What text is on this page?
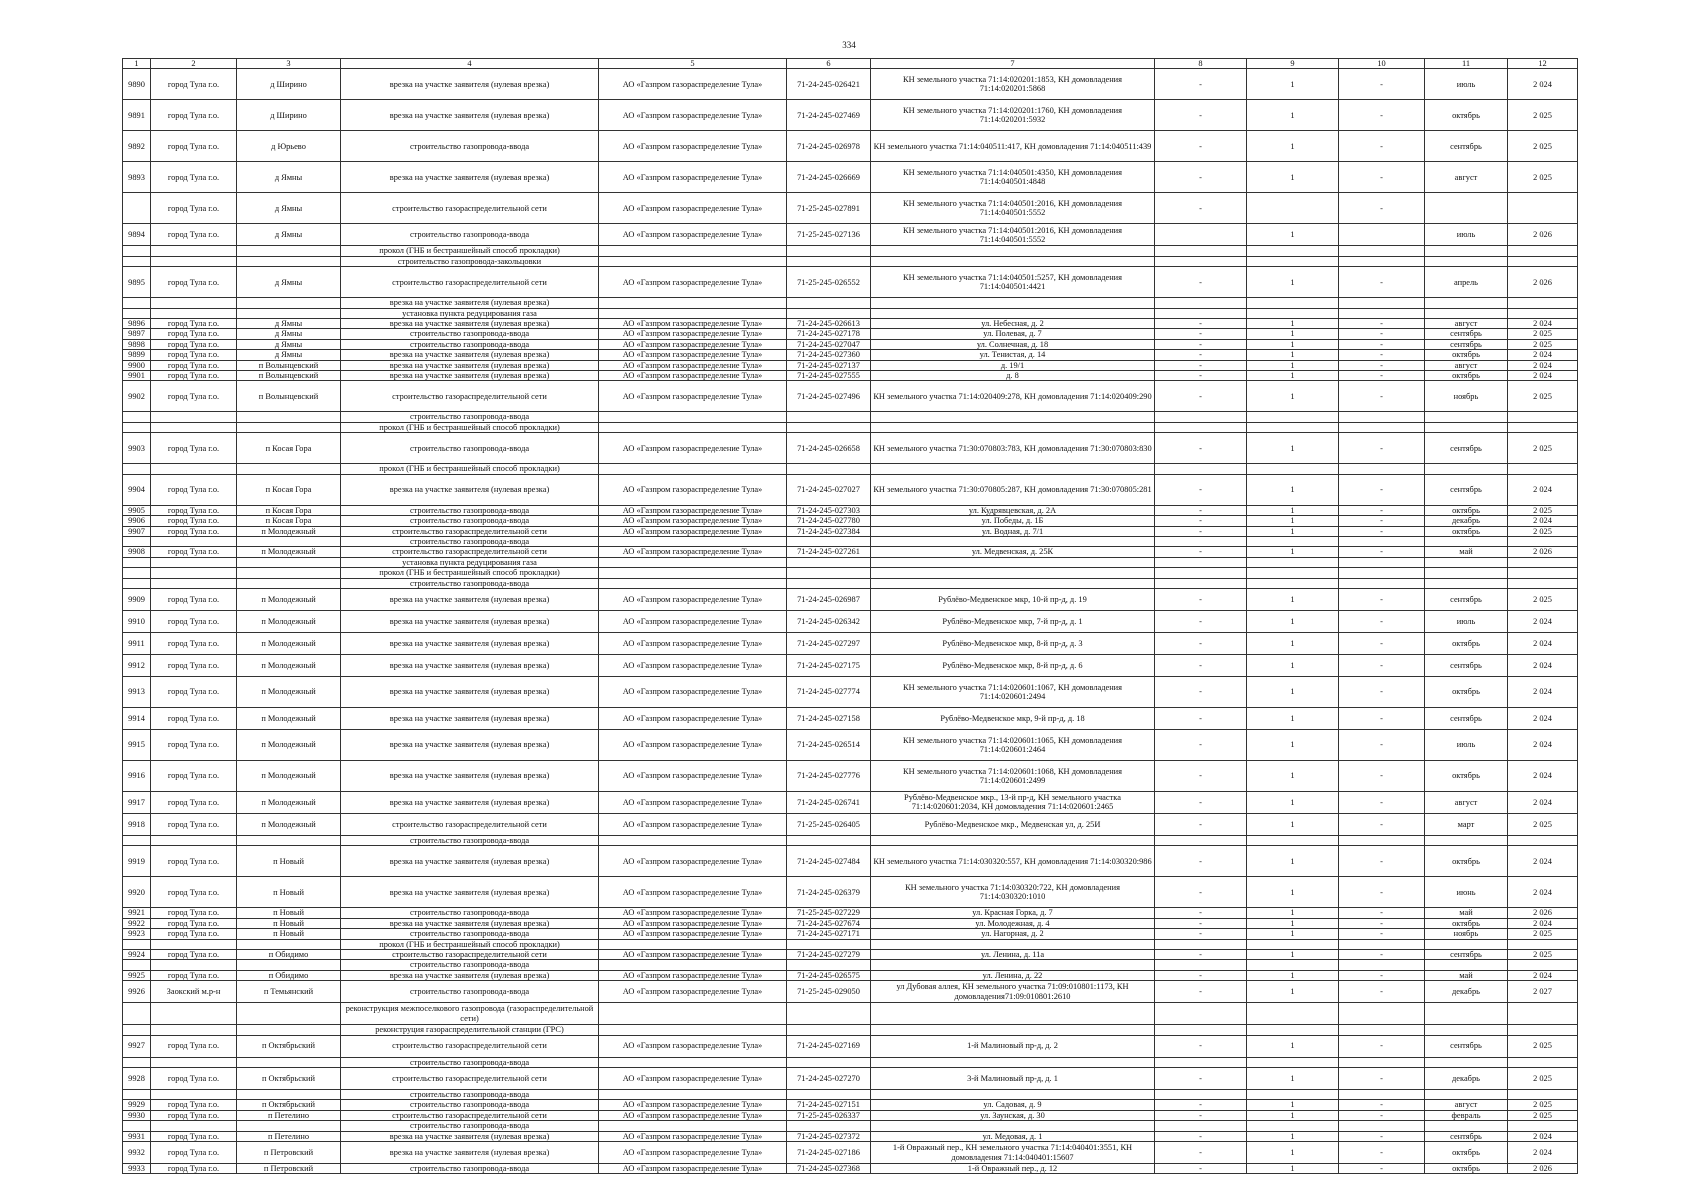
334
1	2	3	4	5	6	7	8	9	10	11	12
9890	город Тула г.о.	д Ширино	врезка на участке заявителя (нулевая врезка)	АО «Газпром газораспределение Тула»	71-24-245-026421	КН земельного участка 71:14:020201:1853, КН домовладения 71:14:020201:5868	-	1	-	июль	2 024
9891	город Тула г.о.	д Ширино	врезка на участке заявителя (нулевая врезка)	АО «Газпром газораспределение Тула»	71-24-245-027469	КН земельного участка 71:14:020201:1760, КН домовладения 71:14:020201:5932	-	1	-	октябрь	2 025
9892	город Тула г.о.	д Юрьево	строительство газопровода-ввода	АО «Газпром газораспределение Тула»	71-24-245-026978	КН земельного участка 71:14:040511:417, КН домовладения 71:14:040511:439	-	1	-	сентябрь	2 025
9893	город Тула г.о.	д Ямны	врезка на участке заявителя (нулевая врезка)	АО «Газпром газораспределение Тула»	71-24-245-026669	КН земельного участка 71:14:040501:4350, КН домовладения 71:14:040501:4848	-	1	-	август	2 025
	город Тула г.о.	д Ямны	строительство газораспределительной сети	АО «Газпром газораспределение Тула»	71-25-245-027891	КН земельного участка 71:14:040501:2016, КН домовладения 71:14:040501:5552	-		-		
9894	город Тула г.о.	д Ямны	строительство газопровода-ввода	АО «Газпром газораспределение Тула»	71-25-245-027136	КН земельного участка 71:14:040501:2016, КН домовладения 71:14:040501:5552		1		июль	2 026
			прокол (ГНБ и бестраншейный способ прокладки)								
			строительство газопровода-закольцовки								
9895	город Тула г.о.	д Ямны	строительство газораспределительной сети	АО «Газпром газораспределение Тула»	71-25-245-026552	КН земельного участка 71:14:040501:5257, КН домовладения 71:14:040501:4421	-	1	-	апрель	2 026
			врезка на участке заявителя (нулевая врезка)								
			установка пункта редуцирования газа								
9896	город Тула г.о.	д Ямны	врезка на участке заявителя (нулевая врезка)	АО «Газпром газораспределение Тула»	71-24-245-026613	ул. Небесная, д. 2	-	1	-	август	2 024
9897	город Тула г.о.	д Ямны	строительство газопровода-ввода	АО «Газпром газораспределение Тула»	71-24-245-027178	ул. Полевая, д. 7	-	1	-	сентябрь	2 025
9898	город Тула г.о.	д Ямны	строительство газопровода-ввода	АО «Газпром газораспределение Тула»	71-24-245-027047	ул. Солнечная, д. 18	-	1	-	сентябрь	2 025
9899	город Тула г.о.	д Ямны	врезка на участке заявителя (нулевая врезка)	АО «Газпром газораспределение Тула»	71-24-245-027360	ул. Тенистая, д. 14	-	1	-	октябрь	2 024
9900	город Тула г.о.	п Волынцевский	врезка на участке заявителя (нулевая врезка)	АО «Газпром газораспределение Тула»	71-24-245-027137	д. 19/1	-	1	-	август	2 024
9901	город Тула г.о.	п Волынцевский	врезка на участке заявителя (нулевая врезка)	АО «Газпром газораспределение Тула»	71-24-245-027555	д. 8	-	1	-	октябрь	2 024
9902	город Тула г.о.	п Волынцевский	строительство газораспределительной сети	АО «Газпром газораспределение Тула»	71-24-245-027496	КН земельного участка 71:14:020409:278, КН домовладения 71:14:020409:290	-	1	-	ноябрь	2 025
			строительство газопровода-ввода								
			прокол (ГНБ и бестраншейный способ прокладки)								
9903	город Тула г.о.	п Косая Гора	строительство газопровода-ввода	АО «Газпром газораспределение Тула»	71-24-245-026658	КН земельного участка 71:30:070803:783, КН домовладения 71:30:070803:830	-	1	-	сентябрь	2 025
			прокол (ГНБ и бестраншейный способ прокладки)								
9904	город Тула г.о.	п Косая Гора	врезка на участке заявителя (нулевая врезка)	АО «Газпром газораспределение Тула»	71-24-245-027027	КН земельного участка 71:30:070805:287, КН домовладения 71:30:070805:281	-	1	-	сентябрь	2 024
9905	город Тула г.о.	п Косая Гора	строительство газопровода-ввода	АО «Газпром газораспределение Тула»	71-24-245-027303	ул. Кудрявцевская, д. 2А	-	1	-	октябрь	2 025
9906	город Тула г.о.	п Косая Гора	строительство газопровода-ввода	АО «Газпром газораспределение Тула»	71-24-245-027780	ул. Победы, д. 1Б	-	1	-	декабрь	2 024
9907	город Тула г.о.	п Молодежный	строительство газораспределительной сети	АО «Газпром газораспределение Тула»	71-24-245-027384	ул. Водная, д. 7/1	-	1	-	октябрь	2 025
			строительство газопровода-ввода								
9908	город Тула г.о.	п Молодежный	строительство газораспределительной сети	АО «Газпром газораспределение Тула»	71-24-245-027261	ул. Медвенская, д. 25К	-	1	-	май	2 026
			установка пункта редуцирования газа								
			прокол (ГНБ и бестраншейный способ прокладки)								
			строительство газопровода-ввода								
9909	город Тула г.о.	п Молодежный	врезка на участке заявителя (нулевая врезка)	АО «Газпром газораспределение Тула»	71-24-245-026987	Рублёво-Медвенское мкр, 10-й пр-д, д. 19	-	1	-	сентябрь	2 025
9910	город Тула г.о.	п Молодежный	врезка на участке заявителя (нулевая врезка)	АО «Газпром газораспределение Тула»	71-24-245-026342	Рублёво-Медвенское мкр, 7-й пр-д, д. 1	-	1	-	июль	2 024
9911	город Тула г.о.	п Молодежный	врезка на участке заявителя (нулевая врезка)	АО «Газпром газораспределение Тула»	71-24-245-027297	Рублёво-Медвенское мкр, 8-й пр-д, д. 3	-	1	-	октябрь	2 024
9912	город Тула г.о.	п Молодежный	врезка на участке заявителя (нулевая врезка)	АО «Газпром газораспределение Тула»	71-24-245-027175	Рублёво-Медвенское мкр, 8-й пр-д, д. 6	-	1	-	сентябрь	2 024
9913	город Тула г.о.	п Молодежный	врезка на участке заявителя (нулевая врезка)	АО «Газпром газораспределение Тула»	71-24-245-027774	КН земельного участка 71:14:020601:1067, КН домовладения 71:14:020601:2494	-	1	-	октябрь	2 024
9914	город Тула г.о.	п Молодежный	врезка на участке заявителя (нулевая врезка)	АО «Газпром газораспределение Тула»	71-24-245-027158	Рублёво-Медвенское мкр, 9-й пр-д, д. 18	-	1	-	сентябрь	2 024
9915	город Тула г.о.	п Молодежный	врезка на участке заявителя (нулевая врезка)	АО «Газпром газораспределение Тула»	71-24-245-026514	КН земельного участка 71:14:020601:1065, КН домовладения 71:14:020601:2464	-	1	-	июль	2 024
9916	город Тула г.о.	п Молодежный	врезка на участке заявителя (нулевая врезка)	АО «Газпром газораспределение Тула»	71-24-245-027776	КН земельного участка 71:14:020601:1068, КН домовладения 71:14:020601:2499	-	1	-	октябрь	2 024
9917	город Тула г.о.	п Молодежный	врезка на участке заявителя (нулевая врезка)	АО «Газпром газораспределение Тула»	71-24-245-026741	Рублёво-Медвенское мкр., 13-й пр-д, КН земельного участка 71:14:020601:2034, КН домовладения 71:14:020601:2465	-	1	-	август	2 024
9918	город Тула г.о.	п Молодежный	строительство газораспределительной сети	АО «Газпром газораспределение Тула»	71-25-245-026405	Рублёво-Медвенское мкр., Медвенская ул, д. 25И	-	1	-	март	2 025
			строительство газопровода-ввода								
9919	город Тула г.о.	п Новый	врезка на участке заявителя (нулевая врезка)	АО «Газпром газораспределение Тула»	71-24-245-027484	КН земельного участка 71:14:030320:557, КН домовладения 71:14:030320:986	-	1	-	октябрь	2 024
9920	город Тула г.о.	п Новый	врезка на участке заявителя (нулевая врезка)	АО «Газпром газораспределение Тула»	71-24-245-026379	КН земельного участка 71:14:030320:722, КН домовладения 71:14:030320:1010	-	1	-	июнь	2 024
9921	город Тула г.о.	п Новый	строительство газопровода-ввода	АО «Газпром газораспределение Тула»	71-25-245-027229	ул. Красная Горка, д. 7	-	1	-	май	2 026
9922	город Тула г.о.	п Новый	врезка на участке заявителя (нулевая врезка)	АО «Газпром газораспределение Тула»	71-24-245-027674	ул. Молодежная, д. 4	-	1	-	октябрь	2 024
9923	город Тула г.о.	п Новый	строительство газопровода-ввода	АО «Газпром газораспределение Тула»	71-24-245-027171	ул. Нагорная, д. 2	-	1	-	ноябрь	2 025
			прокол (ГНБ и бестраншейный способ прокладки)								
9924	город Тула г.о.	п Обидимо	строительство газораспределительной сети	АО «Газпром газораспределение Тула»	71-24-245-027279	ул. Ленина, д. 11а	-	1	-	сентябрь	2 025
			строительство газопровода-ввода								
9925	город Тула г.о.	п Обидимо	врезка на участке заявителя (нулевая врезка)	АО «Газпром газораспределение Тула»	71-24-245-026575	ул. Ленина, д. 22	-	1	-	май	2 024
9926	Заокский м.р-н	п Темьянский	строительство газопровода-ввода	АО «Газпром газораспределение Тула»	71-25-245-029050	ул Дубовая аллея, КН земельного участка 71:09:010801:1173, КН домовладения71:09:010801:2610	-	1	-	декабрь	2 027
			реконструкция межпоселкового газопровода (газораспределительной сети)								
			реконструция газораспределительной станции (ГРС)								
9927	город Тула г.о.	п Октябрьский	строительство газораспределительной сети	АО «Газпром газораспределение Тула»	71-24-245-027169	1-й Малиновый пр-д, д. 2	-	1	-	сентябрь	2 025
			строительство газопровода-ввода								
9928	город Тула г.о.	п Октябрьский	строительство газораспределительной сети	АО «Газпром газораспределение Тула»	71-24-245-027270	3-й Малиновый пр-д, д. 1	-	1	-	декабрь	2 025
			строительство газопровода-ввода								
9929	город Тула г.о.	п Октябрьский	строительство газопровода-ввода	АО «Газпром газораспределение Тула»	71-24-245-027151	ул. Садовая, д. 9	-	1	-	август	2 025
9930	город Тула г.о.	п Петелино	строительство газораспределительной сети	АО «Газпром газораспределение Тула»	71-25-245-026337	ул. Заунская, д. 30	-	1	-	февраль	2 025
			строительство газопровода-ввода								
9931	город Тула г.о.	п Петелино	врезка на участке заявителя (нулевая врезка)	АО «Газпром газораспределение Тула»	71-24-245-027372	ул. Медовая, д. 1	-	1	-	сентябрь	2 024
9932	город Тула г.о.	п Петровский	врезка на участке заявителя (нулевая врезка)	АО «Газпром газораспределение Тула»	71-24-245-027186	1-й Овражный пер., КН земельного участка 71:14:040401:3551, КН домовладения 71:14:040401:15607	-	1	-	октябрь	2 024
9933	город Тула г.о.	п Петровский	строительство газопровода-ввода	АО «Газпром газораспределение Тула»	71-24-245-027368	1-й Овражный пер., д. 12	-	1	-	октябрь	2 026
